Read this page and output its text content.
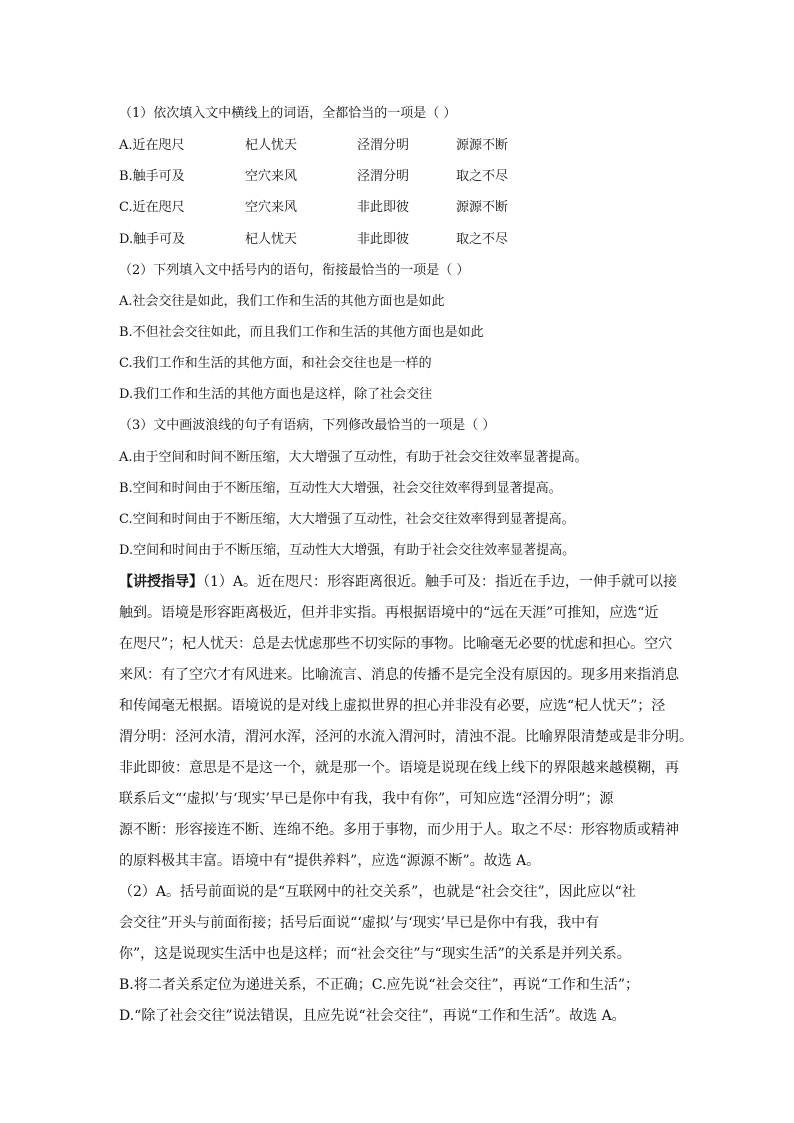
（1）依次填入文中横线上的词语，全都恰当的一项是（ ）
A.近在咫尺	杞人忧天	泾渭分明	源源不断
B.触手可及	空穴来风	泾渭分明	取之不尽
C.近在咫尺	空穴来风	非此即彼	源源不断
D.触手可及	杞人忧天	非此即彼	取之不尽
（2）下列填入文中括号内的语句，衔接最恰当的一项是（ ）
A.社会交往是如此，我们工作和生活的其他方面也是如此
B.不但社会交往如此，而且我们工作和生活的其他方面也是如此
C.我们工作和生活的其他方面，和社会交往也是一样的
D.我们工作和生活的其他方面也是这样，除了社会交往
（3）文中画波浪线的句子有语病，下列修改最恰当的一项是（ ）
A.由于空间和时间不断压缩，大大增强了互动性，有助于社会交往效率显著提高。
B.空间和时间由于不断压缩，互动性大大增强，社会交往效率得到显著提高。
C.空间和时间由于不断压缩，大大增强了互动性，社会交往效率得到显著提高。
D.空间和时间由于不断压缩，互动性大大增强，有助于社会交往效率显著提高。
【讲授指导】（1）A。近在咫尺：形容距离很近。触手可及：指近在手边，一伸手就可以接
触到。语境是形容距离极近，但并非实指。再根据语境中的“远在天涯”可推知，应选“近
在咫尺”；杞人忧天：总是去忧虑那些不切实际的事物。比喻毫无必要的忧虑和担心。空穴
来风：有了空穴才有风进来。比喻流言、消息的传播不是完全没有原因的。现多用来指消息
和传闻毫无根据。语境说的是对线上虚拟世界的担心并非没有必要，应选“杞人忧天”；泾
渭分明：泾河水清，渭河水浑，泾河的水流入渭河时，清浊不混。比喻界限清楚或是非分明。
非此即彼：意思是不是这一个，就是那一个。语境是说现在线上线下的界限越来越模糊，再
联系后文“‘虚拟’与‘现实’早已是你中有我，我中有你”，可知应选“泾渭分明”；源
源不断：形容接连不断、连绵不绝。多用于事物，而少用于人。取之不尽：形容物质或精神
的原料极其丰富。语境中有“提供养料”，应选“源源不断”。故选 A。
（2）A。括号前面说的是“互联网中的社交关系”，也就是“社会交往”，因此应以“社
会交往”开头与前面衔接；括号后面说“‘虚拟’与‘现实’早已是你中有我，我中有
你”，这是说现实生活中也是这样；而“社会交往”与“现实生活”的关系是并列关系。
B.将二者关系定位为递进关系，不正确；C.应先说“社会交往”，再说“工作和生活”；
D.“除了社会交往”说法错误，且应先说“社会交往”，再说“工作和生活”。故选 A。
